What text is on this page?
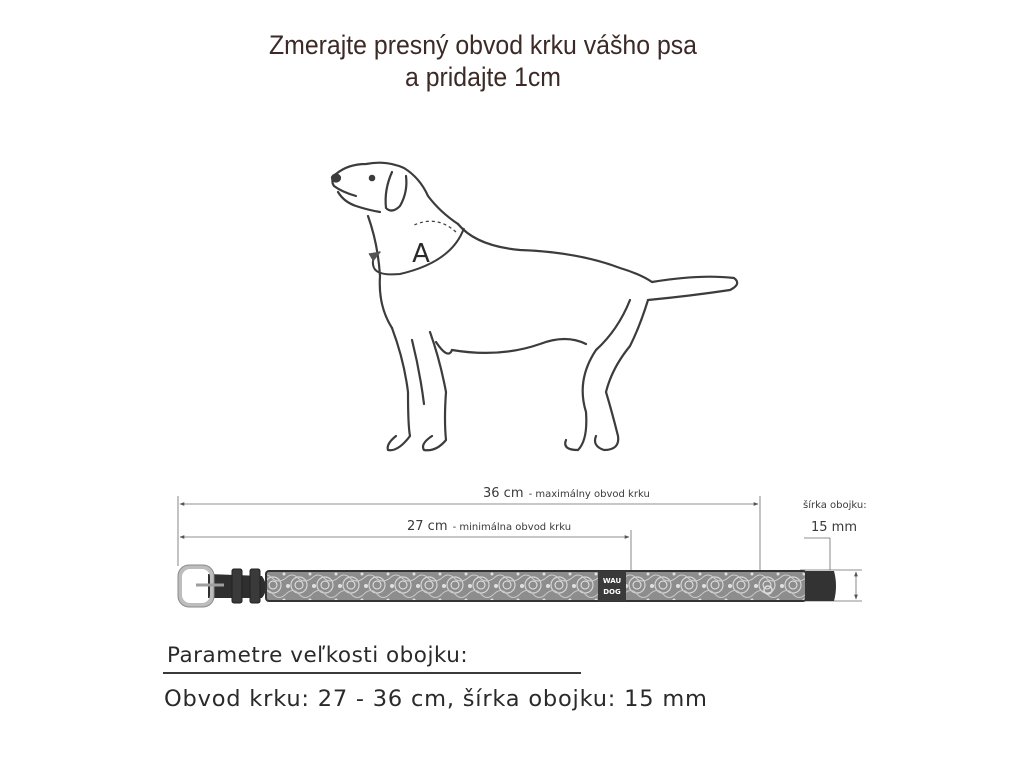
Zmerajte presný obvod krku vášho psa
a pridajte 1cm
A
WAU
DOG
36 cm - maximálny obvod krku
27 cm - minimálna obvod krku
šírka obojku:
15 mm
Parametre veľkosti obojku:
Obvod krku: 27 - 36 cm, šírka obojku: 15 mm
